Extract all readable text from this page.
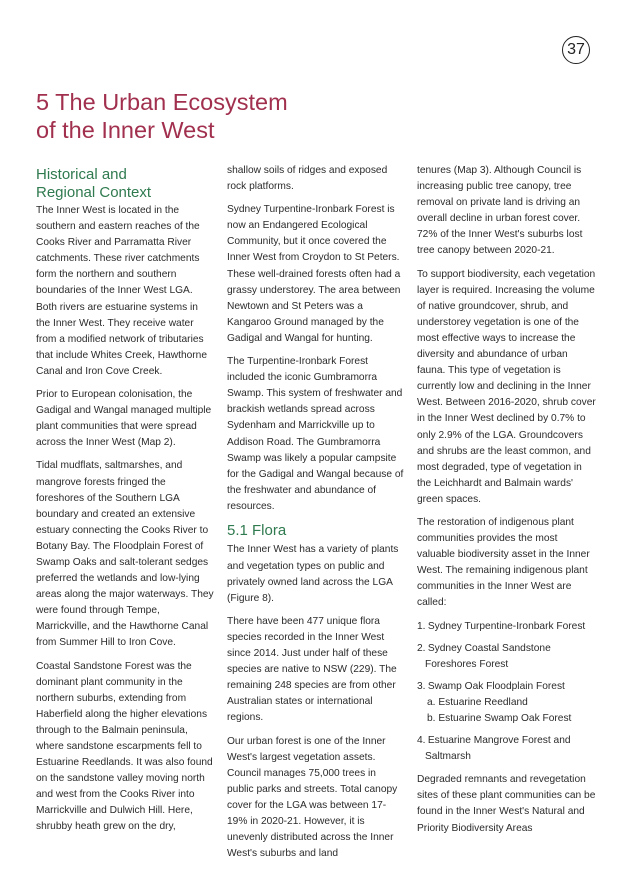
37
5 The Urban Ecosystem
of the Inner West
Historical and
Regional Context

The Inner West is located in the southern and eastern reaches of the Cooks River and Parramatta River catchments. These river catchments form the northern and southern boundaries of the Inner West LGA. Both rivers are estuarine systems in the Inner West. They receive water from a modified network of tributaries that include Whites Creek, Hawthorne Canal and Iron Cove Creek.

Prior to European colonisation, the Gadigal and Wangal managed multiple plant communities that were spread across the Inner West (Map 2).

Tidal mudflats, saltmarshes, and mangrove forests fringed the foreshores of the Southern LGA boundary and created an extensive estuary connecting the Cooks River to Botany Bay. The Floodplain Forest of Swamp Oaks and salt-tolerant sedges preferred the wetlands and low-lying areas along the major waterways. They were found through Tempe, Marrickville, and the Hawthorne Canal from Summer Hill to Iron Cove.

Coastal Sandstone Forest was the dominant plant community in the northern suburbs, extending from Haberfield along the higher elevations through to the Balmain peninsula, where sandstone escarpments fell to Estuarine Reedlands. It was also found on the sandstone valley moving north and west from the Cooks River into Marrickville and Dulwich Hill. Here, shrubby heath grew on the dry,

shallow soils of ridges and exposed rock platforms.

Sydney Turpentine-Ironbark Forest is now an Endangered Ecological Community, but it once covered the Inner West from Croydon to St Peters. These well-drained forests often had a grassy understorey. The area between Newtown and St Peters was a Kangaroo Ground managed by the Gadigal and Wangal for hunting.

The Turpentine-Ironbark Forest included the iconic Gumbramorra Swamp. This system of freshwater and brackish wetlands spread across Sydenham and Marrickville up to Addison Road. The Gumbramorra Swamp was likely a popular campsite for the Gadigal and Wangal because of the freshwater and abundance of resources.

5.1 Flora

The Inner West has a variety of plants and vegetation types on public and privately owned land across the LGA (Figure 8).

There have been 477 unique flora species recorded in the Inner West since 2014. Just under half of these species are native to NSW (229). The remaining 248 species are from other Australian states or international regions.

Our urban forest is one of the Inner West's largest vegetation assets. Council manages 75,000 trees in public parks and streets. Total canopy cover for the LGA was between 17-19% in 2020-21. However, it is unevenly distributed across the Inner West's suburbs and land

tenures (Map 3). Although Council is increasing public tree canopy, tree removal on private land is driving an overall decline in urban forest cover. 72% of the Inner West's suburbs lost tree canopy between 2020-21.

To support biodiversity, each vegetation layer is required. Increasing the volume of native groundcover, shrub, and understorey vegetation is one of the most effective ways to increase the diversity and abundance of urban fauna. This type of vegetation is currently low and declining in the Inner West. Between 2016-2020, shrub cover in the Inner West declined by 0.7% to only 2.9% of the LGA. Groundcovers and shrubs are the least common, and most degraded, type of vegetation in the Leichhardt and Balmain wards' green spaces.

The restoration of indigenous plant communities provides the most valuable biodiversity asset in the Inner West. The remaining indigenous plant communities in the Inner West are called:

1. Sydney Turpentine-Ironbark Forest
2. Sydney Coastal Sandstone
Foreshores Forest
3. Swamp Oak Floodplain Forest
a. Estuarine Reedland
b. Estuarine Swamp Oak Forest
4. Estuarine Mangrove Forest and
Saltmarsh

Degraded remnants and revegetation sites of these plant communities can be found in the Inner West's Natural and Priority Biodiversity Areas
